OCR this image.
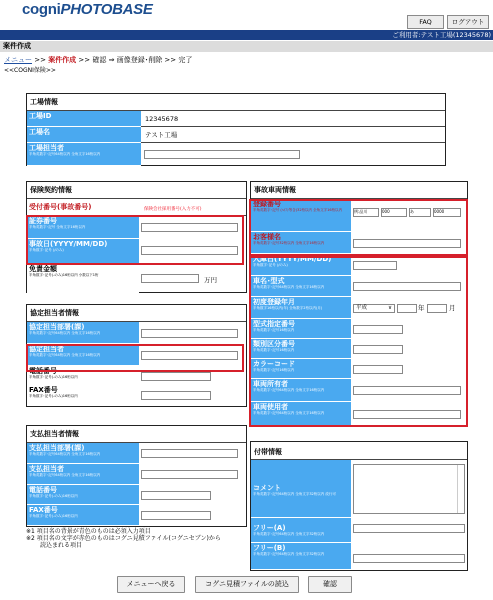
cogniPHOTOBASE
FAQ	ログアウト
ご利用者:テスト工場(12345678)
案件作成
メニュー >> 案件作成 >> 確認 ⇒ 画像登録･削除 >> 完了
<<COGNI保険>>
工場情報
工場ID	12345678
工場名	テスト工場
工場担当者
半角英数字･記号64桁以内 全角文字16桁以内
保険契約情報
受付番号(事故番号)	保険会社採用番号(入力不可)
証券番号
半角英数字･記号 全角文字16桁以内
事故日(YYYY/MM/DD)
半角数字･記号 (/のみ)
免責金額
半角数字･記号(-のみ)16桁以内 小数以下1桁
万円
協定担当者情報
協定担当部署(課)
半角英数字･記号64桁以内 全角文字16桁以内
協定担当者
半角英数字･記号64桁以内 全角文字16桁以内
電話番号
半角数字･記号(-のみ)16桁以内
FAX番号
半角数字･記号(-のみ)16桁以内
支払担当者情報
支払担当部署(課)
半角英数字･記号64桁以内 全角文字16桁以内
支払担当者
半角英数字･記号64桁以内 全角文字16桁以内
電話番号
半角数字･記号(-のみ)16桁以内
FAX番号
半角数字･記号(-のみ)16桁以内
※1 項目名の背景が青色のものは必須入力項目
※2 項目名の文字が赤色のものはコグニ見積ファイル(コグニセブン)から
読込まれる項目
事故車両情報
登録番号
半角英数字･記号 (ﾊｲﾌﾝ等含)32桁以内 全角文字16桁以内	例:品川	000	あ	0000
お客様名
半角英数字･記号32桁以内 全角文字16桁以内
入庫日(YYYY/MM/DD)
半角数字･記号 (/のみ)
車名･型式
半角英数字･記号64桁以内 全角文字16桁以内
初度登録年月
半角数字16桁以内(年) 全角数字2桁以内(月)	平成	∨	年	月
型式指定番号
半角英数字･記号16桁以内
類別区分番号
半角英数字･記号16桁以内
カラーコード
半角英数字･記号16桁以内
車両所有者
半角英数字･記号64桁以内 全角文字16桁以内
車両使用者
半角英数字･記号64桁以内 全角文字16桁以内
付帯情報
コメント
半角英数字･記号64桁以内 全角文字32桁以内 改行可
フリー(A)
半角英数字･記号64桁以内 全角文字32桁以内
フリー(B)
半角英数字･記号64桁以内 全角文字32桁以内
メニューへ戻る	コグニ見積ファイルの読込	確認
